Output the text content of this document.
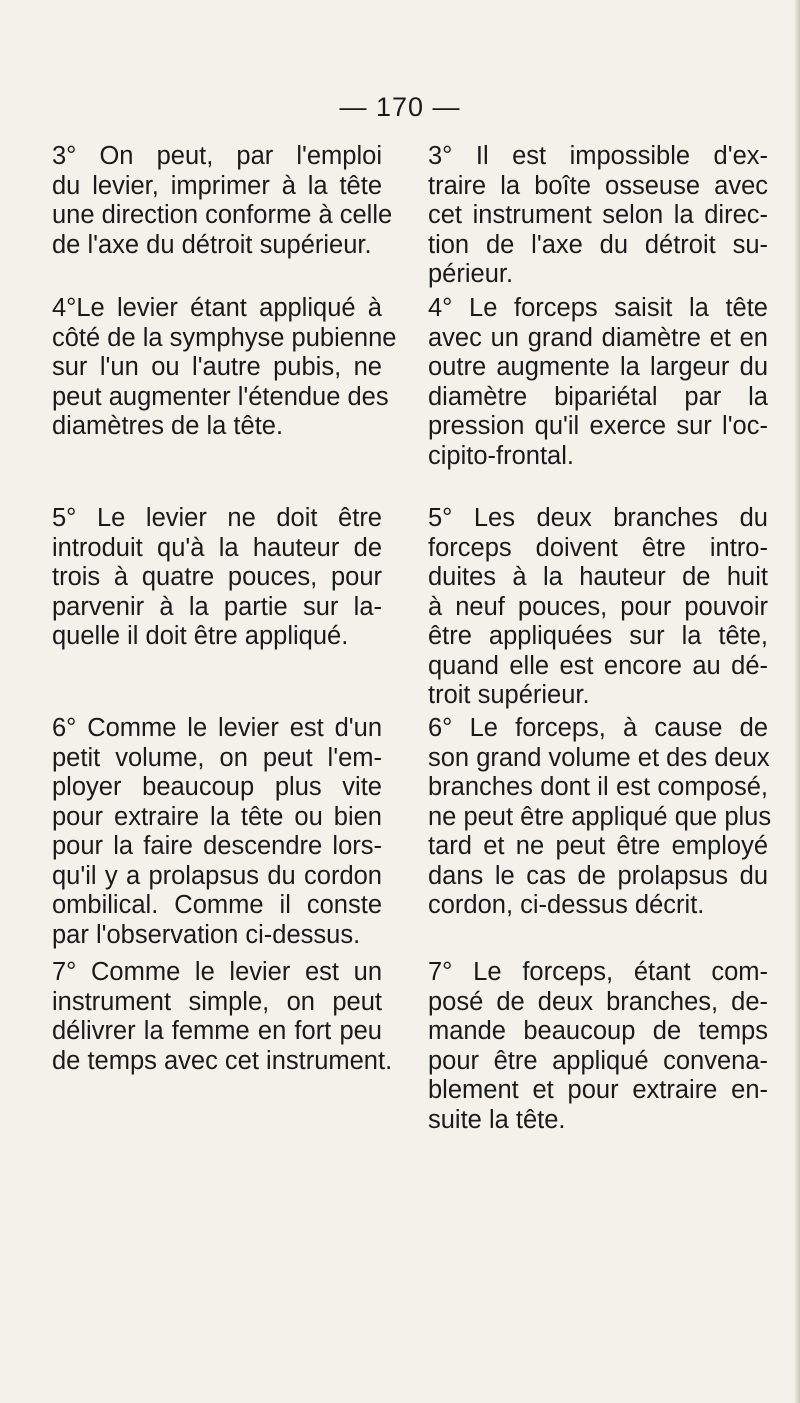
— 170 —
3° On peut, par l'emploi
du levier, imprimer à la tête
une direction conforme à celle
de l'axe du détroit supérieur.
4°Le levier étant appliqué à
côté de la symphyse pubienne
sur l'un ou l'autre pubis, ne
peut augmenter l'étendue des
diamètres de la tête.
5° Le levier ne doit être
introduit qu'à la hauteur de
trois à quatre pouces, pour
parvenir à la partie sur la-
quelle il doit être appliqué.
6° Comme le levier est d'un
petit volume, on peut l'em-
ployer beaucoup plus vite
pour extraire la tête ou bien
pour la faire descendre lors-
qu'il y a prolapsus du cordon
ombilical. Comme il conste
par l'observation ci-dessus.
7° Comme le levier est un
instrument simple, on peut
délivrer la femme en fort peu
de temps avec cet instrument.
3° Il est impossible d'ex-
traire la boîte osseuse avec
cet instrument selon la direc-
tion de l'axe du détroit su-
périeur.
4° Le forceps saisit la tête
avec un grand diamètre et en
outre augmente la largeur du
diamètre bipariétal par la
pression qu'il exerce sur l'oc-
cipito-frontal.
5° Les deux branches du
forceps doivent être intro-
duites à la hauteur de huit
à neuf pouces, pour pouvoir
être appliquées sur la tête,
quand elle est encore au dé-
troit supérieur.
6° Le forceps, à cause de
son grand volume et des deux
branches dont il est composé,
ne peut être appliqué que plus
tard et ne peut être employé
dans le cas de prolapsus du
cordon, ci-dessus décrit.
7° Le forceps, étant com-
posé de deux branches, de-
mande beaucoup de temps
pour être appliqué convena-
blement et pour extraire en-
suite la tête.
